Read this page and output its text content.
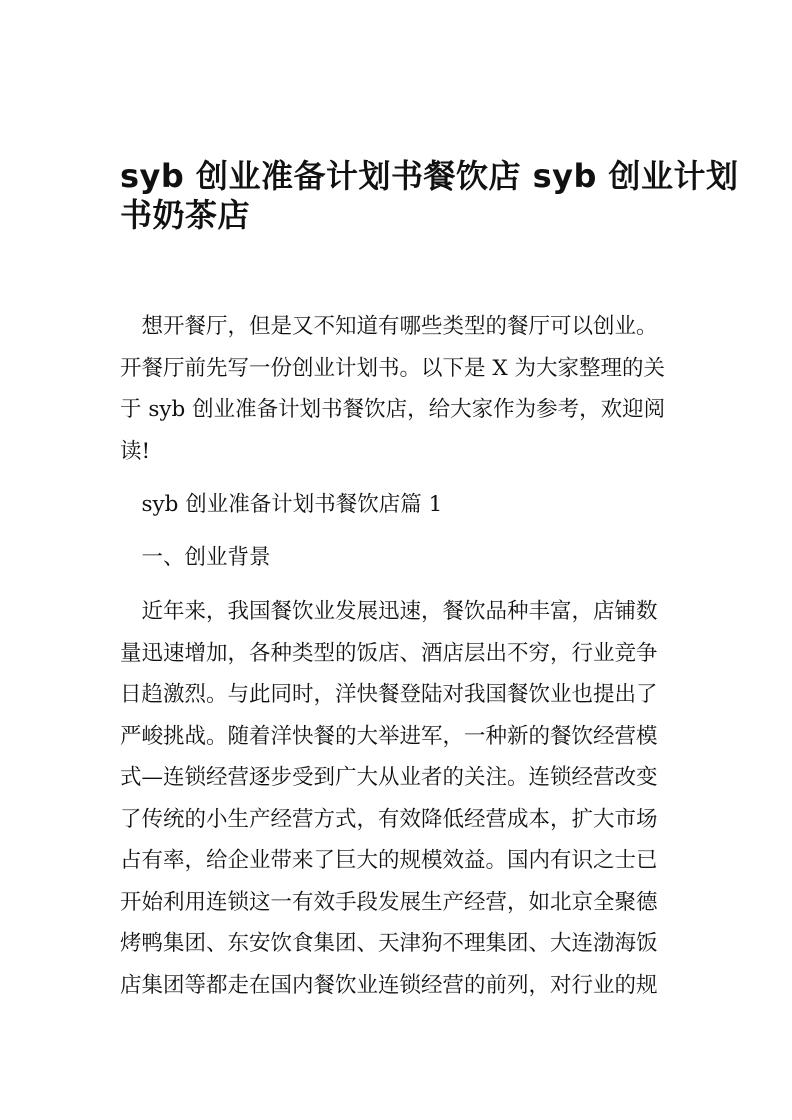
syb 创业准备计划书餐饮店 syb 创业计划
书奶茶店
　想开餐厅，但是又不知道有哪些类型的餐厅可以创业。
开餐厅前先写一份创业计划书。以下是 X 为大家整理的关
于 syb 创业准备计划书餐饮店，给大家作为参考，欢迎阅
读!
　syb 创业准备计划书餐饮店篇 1
　一、创业背景
　近年来，我国餐饮业发展迅速，餐饮品种丰富，店铺数
量迅速增加，各种类型的饭店、酒店层出不穷，行业竞争
日趋激烈。与此同时，洋快餐登陆对我国餐饮业也提出了
严峻挑战。随着洋快餐的大举进军，一种新的餐饮经营模
式—连锁经营逐步受到广大从业者的关注。连锁经营改变
了传统的小生产经营方式，有效降低经营成本，扩大市场
占有率，给企业带来了巨大的规模效益。国内有识之士已
开始利用连锁这一有效手段发展生产经营，如北京全聚德
烤鸭集团、东安饮食集团、天津狗不理集团、大连渤海饭
店集团等都走在国内餐饮业连锁经营的前列，对行业的规
